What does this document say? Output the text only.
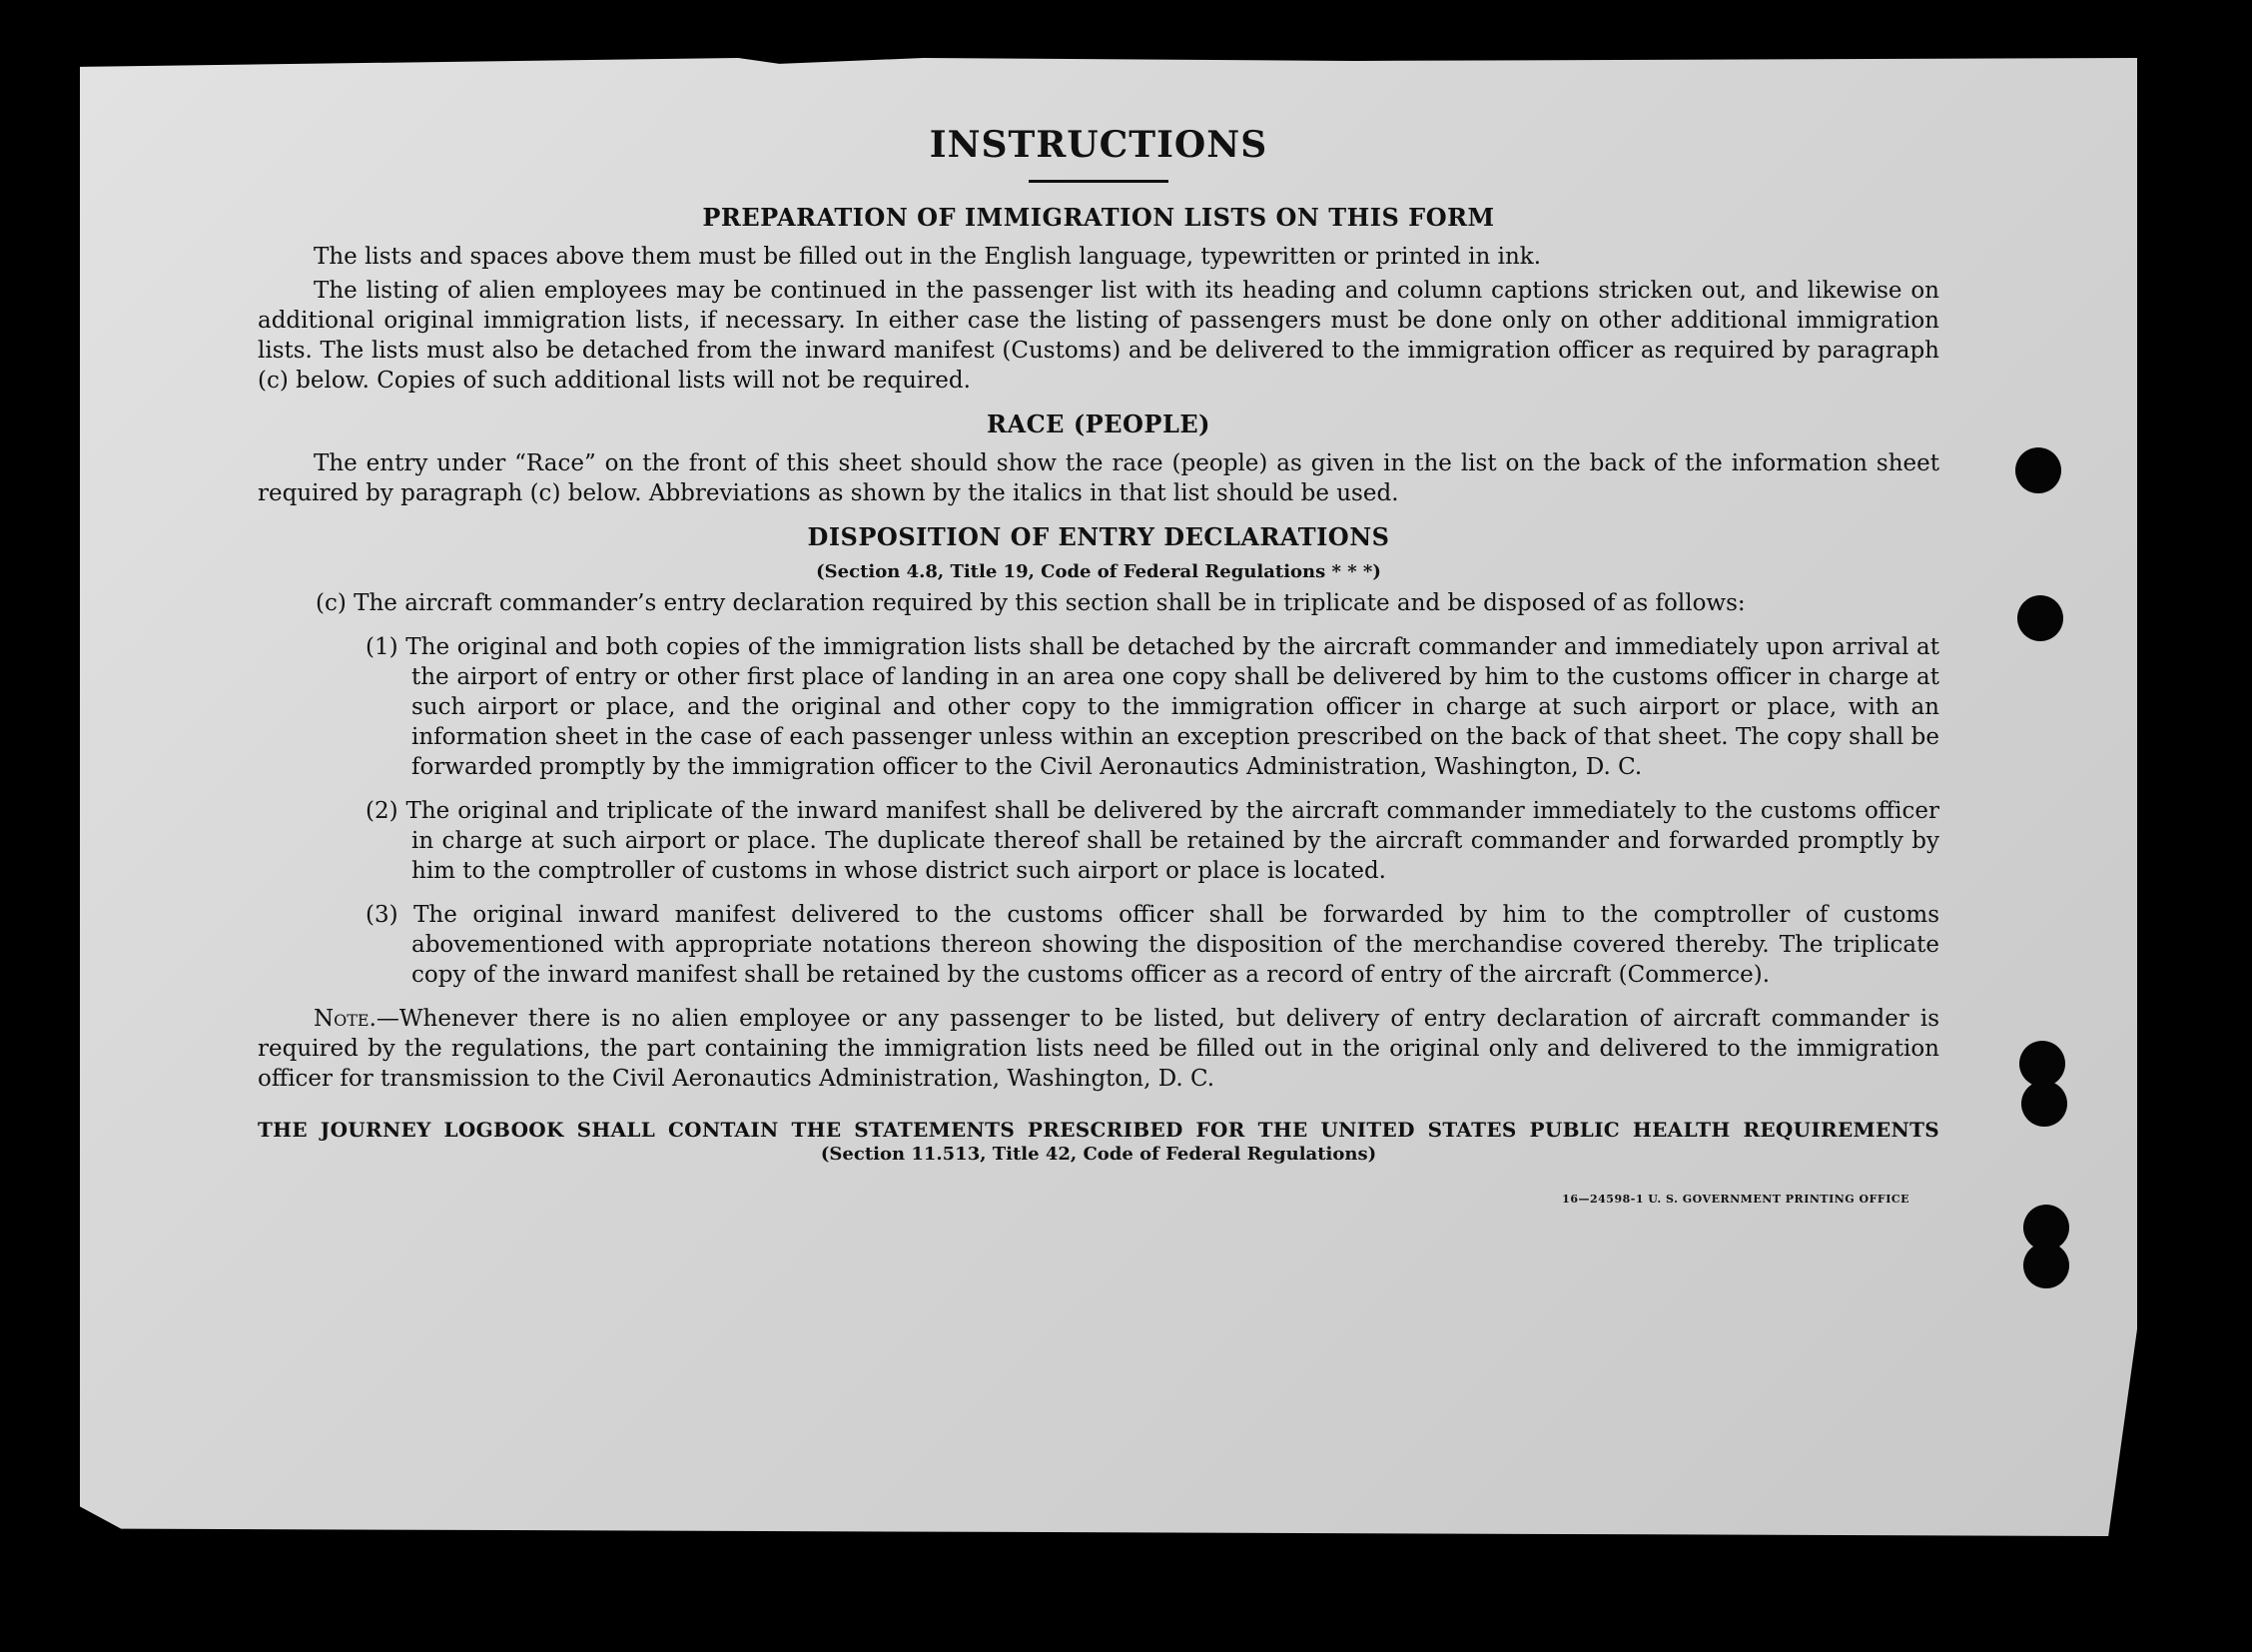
INSTRUCTIONS
PREPARATION OF IMMIGRATION LISTS ON THIS FORM

The lists and spaces above them must be filled out in the English language, typewritten or printed in ink.

The listing of alien employees may be continued in the passenger list with its heading and column captions stricken out, and likewise on additional original immigration lists, if necessary. In either case the listing of passengers must be done only on other additional immigration lists. The lists must also be detached from the inward manifest (Customs) and be delivered to the immigration officer as required by paragraph (c) below. Copies of such additional lists will not be required.

RACE (PEOPLE)

The entry under “Race” on the front of this sheet should show the race (people) as given in the list on the back of the information sheet required by paragraph (c) below. Abbreviations as shown by the italics in that list should be used.

DISPOSITION OF ENTRY DECLARATIONS
(Section 4.8, Title 19, Code of Federal Regulations * * *)

(c) The aircraft commander’s entry declaration required by this section shall be in triplicate and be disposed of as follows:

(1) The original and both copies of the immigration lists shall be detached by the aircraft commander and immediately upon arrival at the airport of entry or other first place of landing in an area one copy shall be delivered by him to the customs officer in charge at such airport or place, and the original and other copy to the immigration officer in charge at such airport or place, with an information sheet in the case of each passenger unless within an exception prescribed on the back of that sheet. The copy shall be forwarded promptly by the immigration officer to the Civil Aeronautics Administration, Washington, D. C.

(2) The original and triplicate of the inward manifest shall be delivered by the aircraft commander immediately to the customs officer in charge at such airport or place. The duplicate thereof shall be retained by the aircraft commander and forwarded promptly by him to the comptroller of customs in whose district such airport or place is located.

(3) The original inward manifest delivered to the customs officer shall be forwarded by him to the comptroller of customs abovementioned with appropriate notations thereon showing the disposition of the merchandise covered thereby. The triplicate copy of the inward manifest shall be retained by the customs officer as a record of entry of the aircraft (Commerce).

Note.—Whenever there is no alien employee or any passenger to be listed, but delivery of entry declaration of aircraft commander is required by the regulations, the part containing the immigration lists need be filled out in the original only and delivered to the immigration officer for transmission to the Civil Aeronautics Administration, Washington, D. C.

THE JOURNEY LOGBOOK SHALL CONTAIN THE STATEMENTS PRESCRIBED FOR THE UNITED STATES PUBLIC HEALTH REQUIREMENTS
(Section 11.513, Title 42, Code of Federal Regulations)
16—24598-1 U. S. GOVERNMENT PRINTING OFFICE
